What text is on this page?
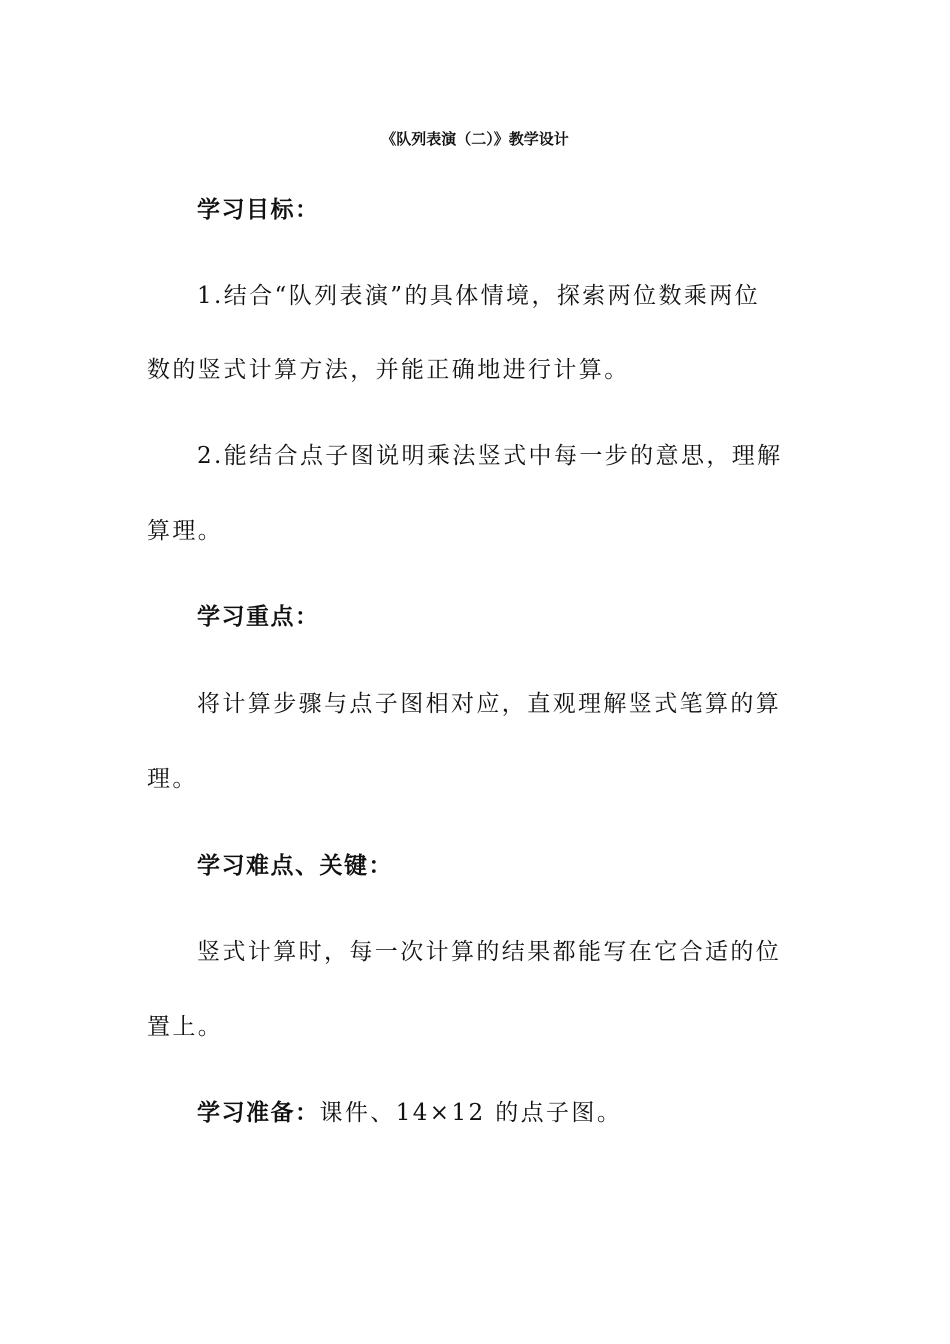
《队列表演（二）》教学设计

学习目标：

1.结合“队列表演”的具体情境，探索两位数乘两位

数的竖式计算方法，并能正确地进行计算。

2.能结合点子图说明乘法竖式中每一步的意思，理解

算理。

学习重点：

将计算步骤与点子图相对应，直观理解竖式笔算的算

理。

学习难点、关键：

竖式计算时，每一次计算的结果都能写在它合适的位

置上。

学习准备：课件、14×12 的点子图。
